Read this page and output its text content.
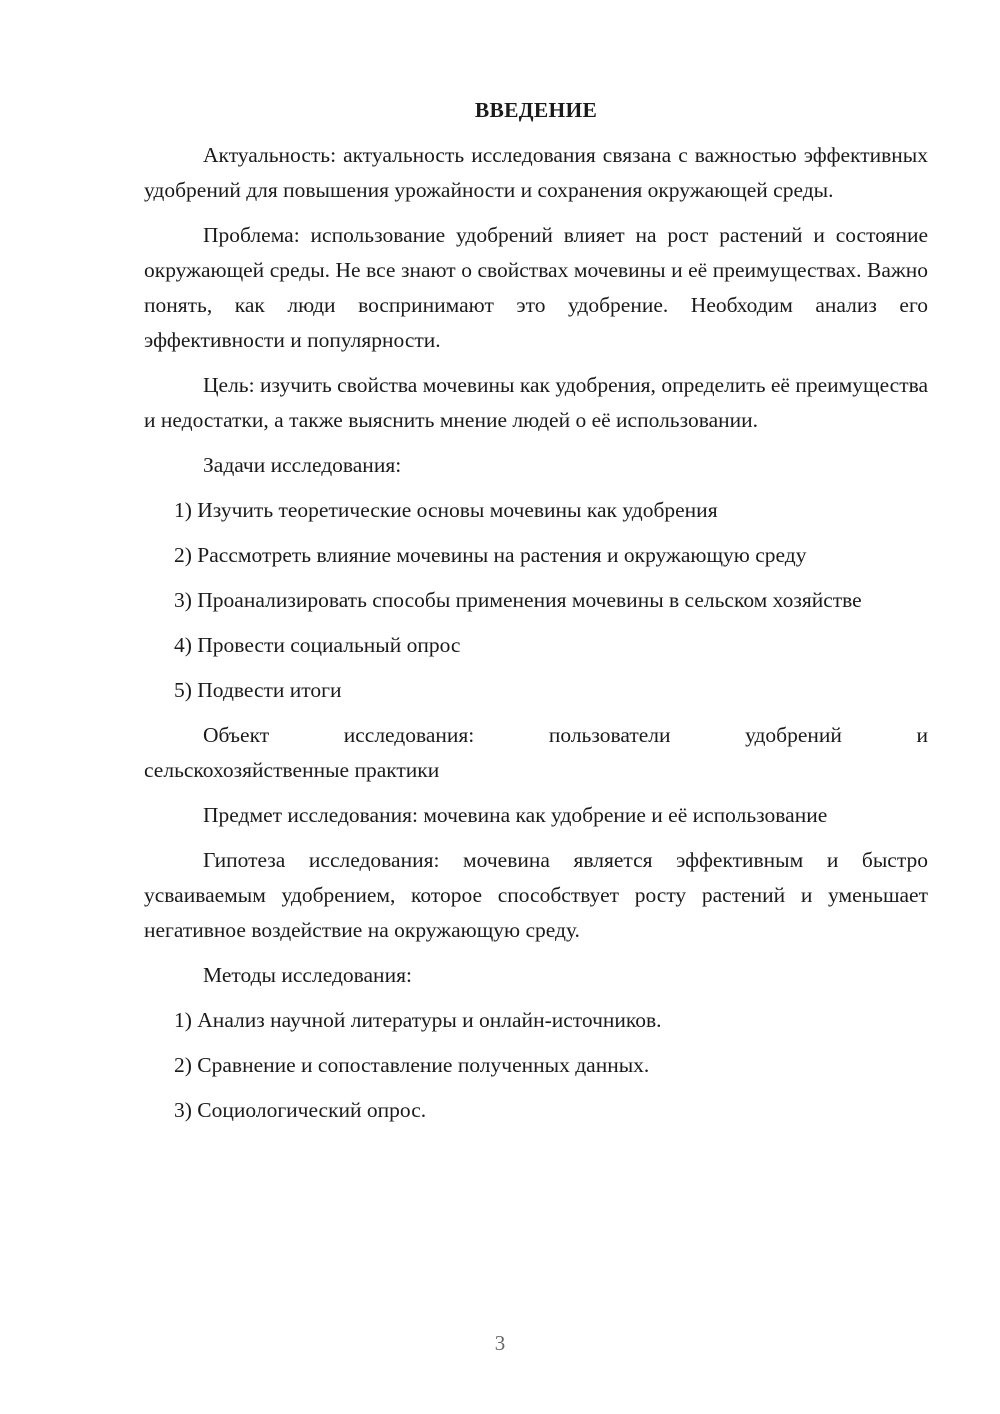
ВВЕДЕНИЕ

Актуальность: актуальность исследования связана с важностью эффективных удобрений для повышения урожайности и сохранения окружающей среды.

Проблема: использование удобрений влияет на рост растений и состояние окружающей среды. Не все знают о свойствах мочевины и её преимуществах. Важно понять, как люди воспринимают это удобрение. Необходим анализ его эффективности и популярности.

Цель: изучить свойства мочевины как удобрения, определить её преимущества и недостатки, а также выяснить мнение людей о её использовании.

Задачи исследования:

1) Изучить теоретические основы мочевины как удобрения

2) Рассмотреть влияние мочевины на растения и окружающую среду

3) Проанализировать способы применения мочевины в сельском хозяйстве

4) Провести социальный опрос

5) Подвести итоги

Объект исследования: пользователи удобрений и

сельскохозяйственные практики

Предмет исследования: мочевина как удобрение и её использование

Гипотеза исследования: мочевина является эффективным и быстро усваиваемым удобрением, которое способствует росту растений и уменьшает негативное воздействие на окружающую среду.

Методы исследования:

1) Анализ научной литературы и онлайн-источников.

2) Сравнение и сопоставление полученных данных.

3) Социологический опрос.

3
